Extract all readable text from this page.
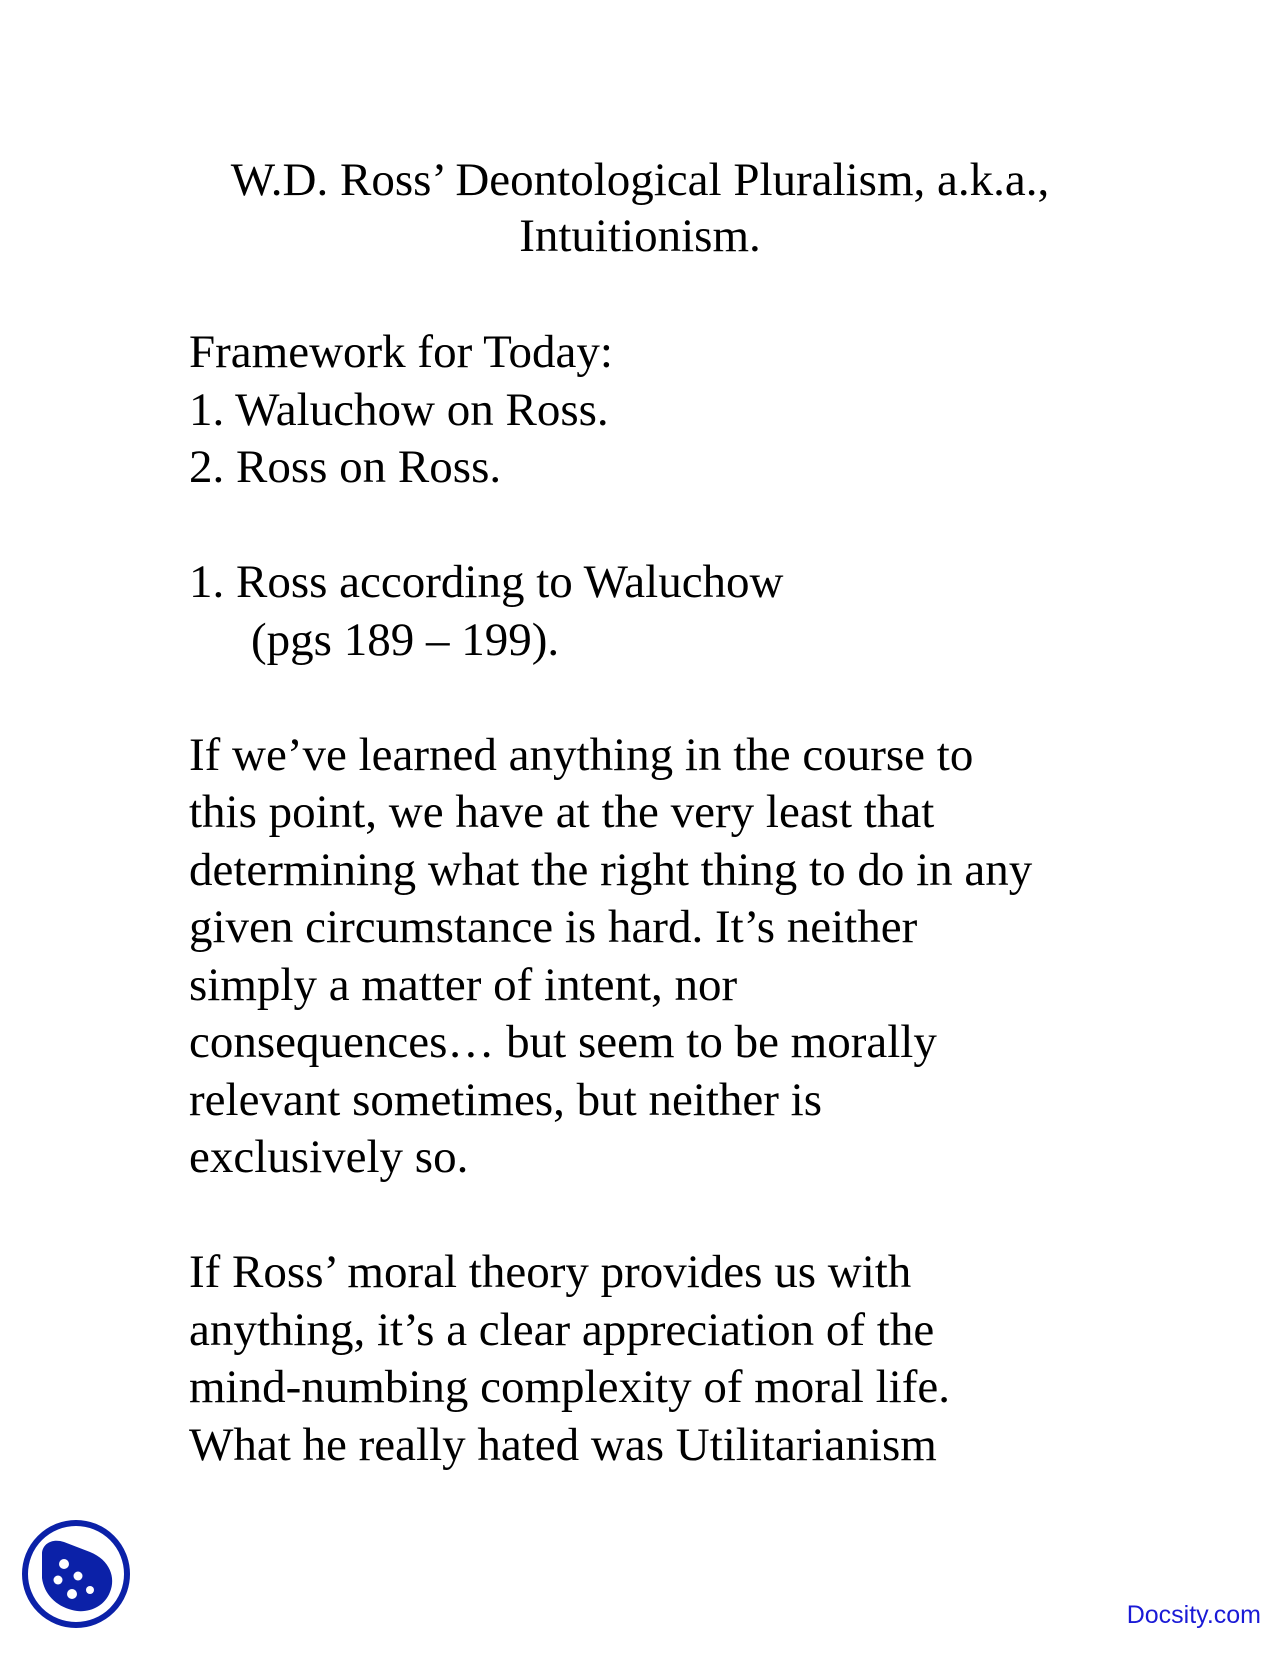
W.D. Ross’ Deontological Pluralism, a.k.a.,
Intuitionism.
Framework for Today:
1. Waluchow on Ross.
2. Ross on Ross.
1. Ross according to Waluchow
(pgs 189 – 199).
If we’ve learned anything in the course to
this point, we have at the very least that
determining what the right thing to do in any
given circumstance is hard. It’s neither
simply a matter of intent, nor
consequences… but seem to be morally
relevant sometimes, but neither is
exclusively so.
If Ross’ moral theory provides us with
anything, it’s a clear appreciation of the
mind-numbing complexity of moral life.
What he really hated was Utilitarianism
Docsity.com
